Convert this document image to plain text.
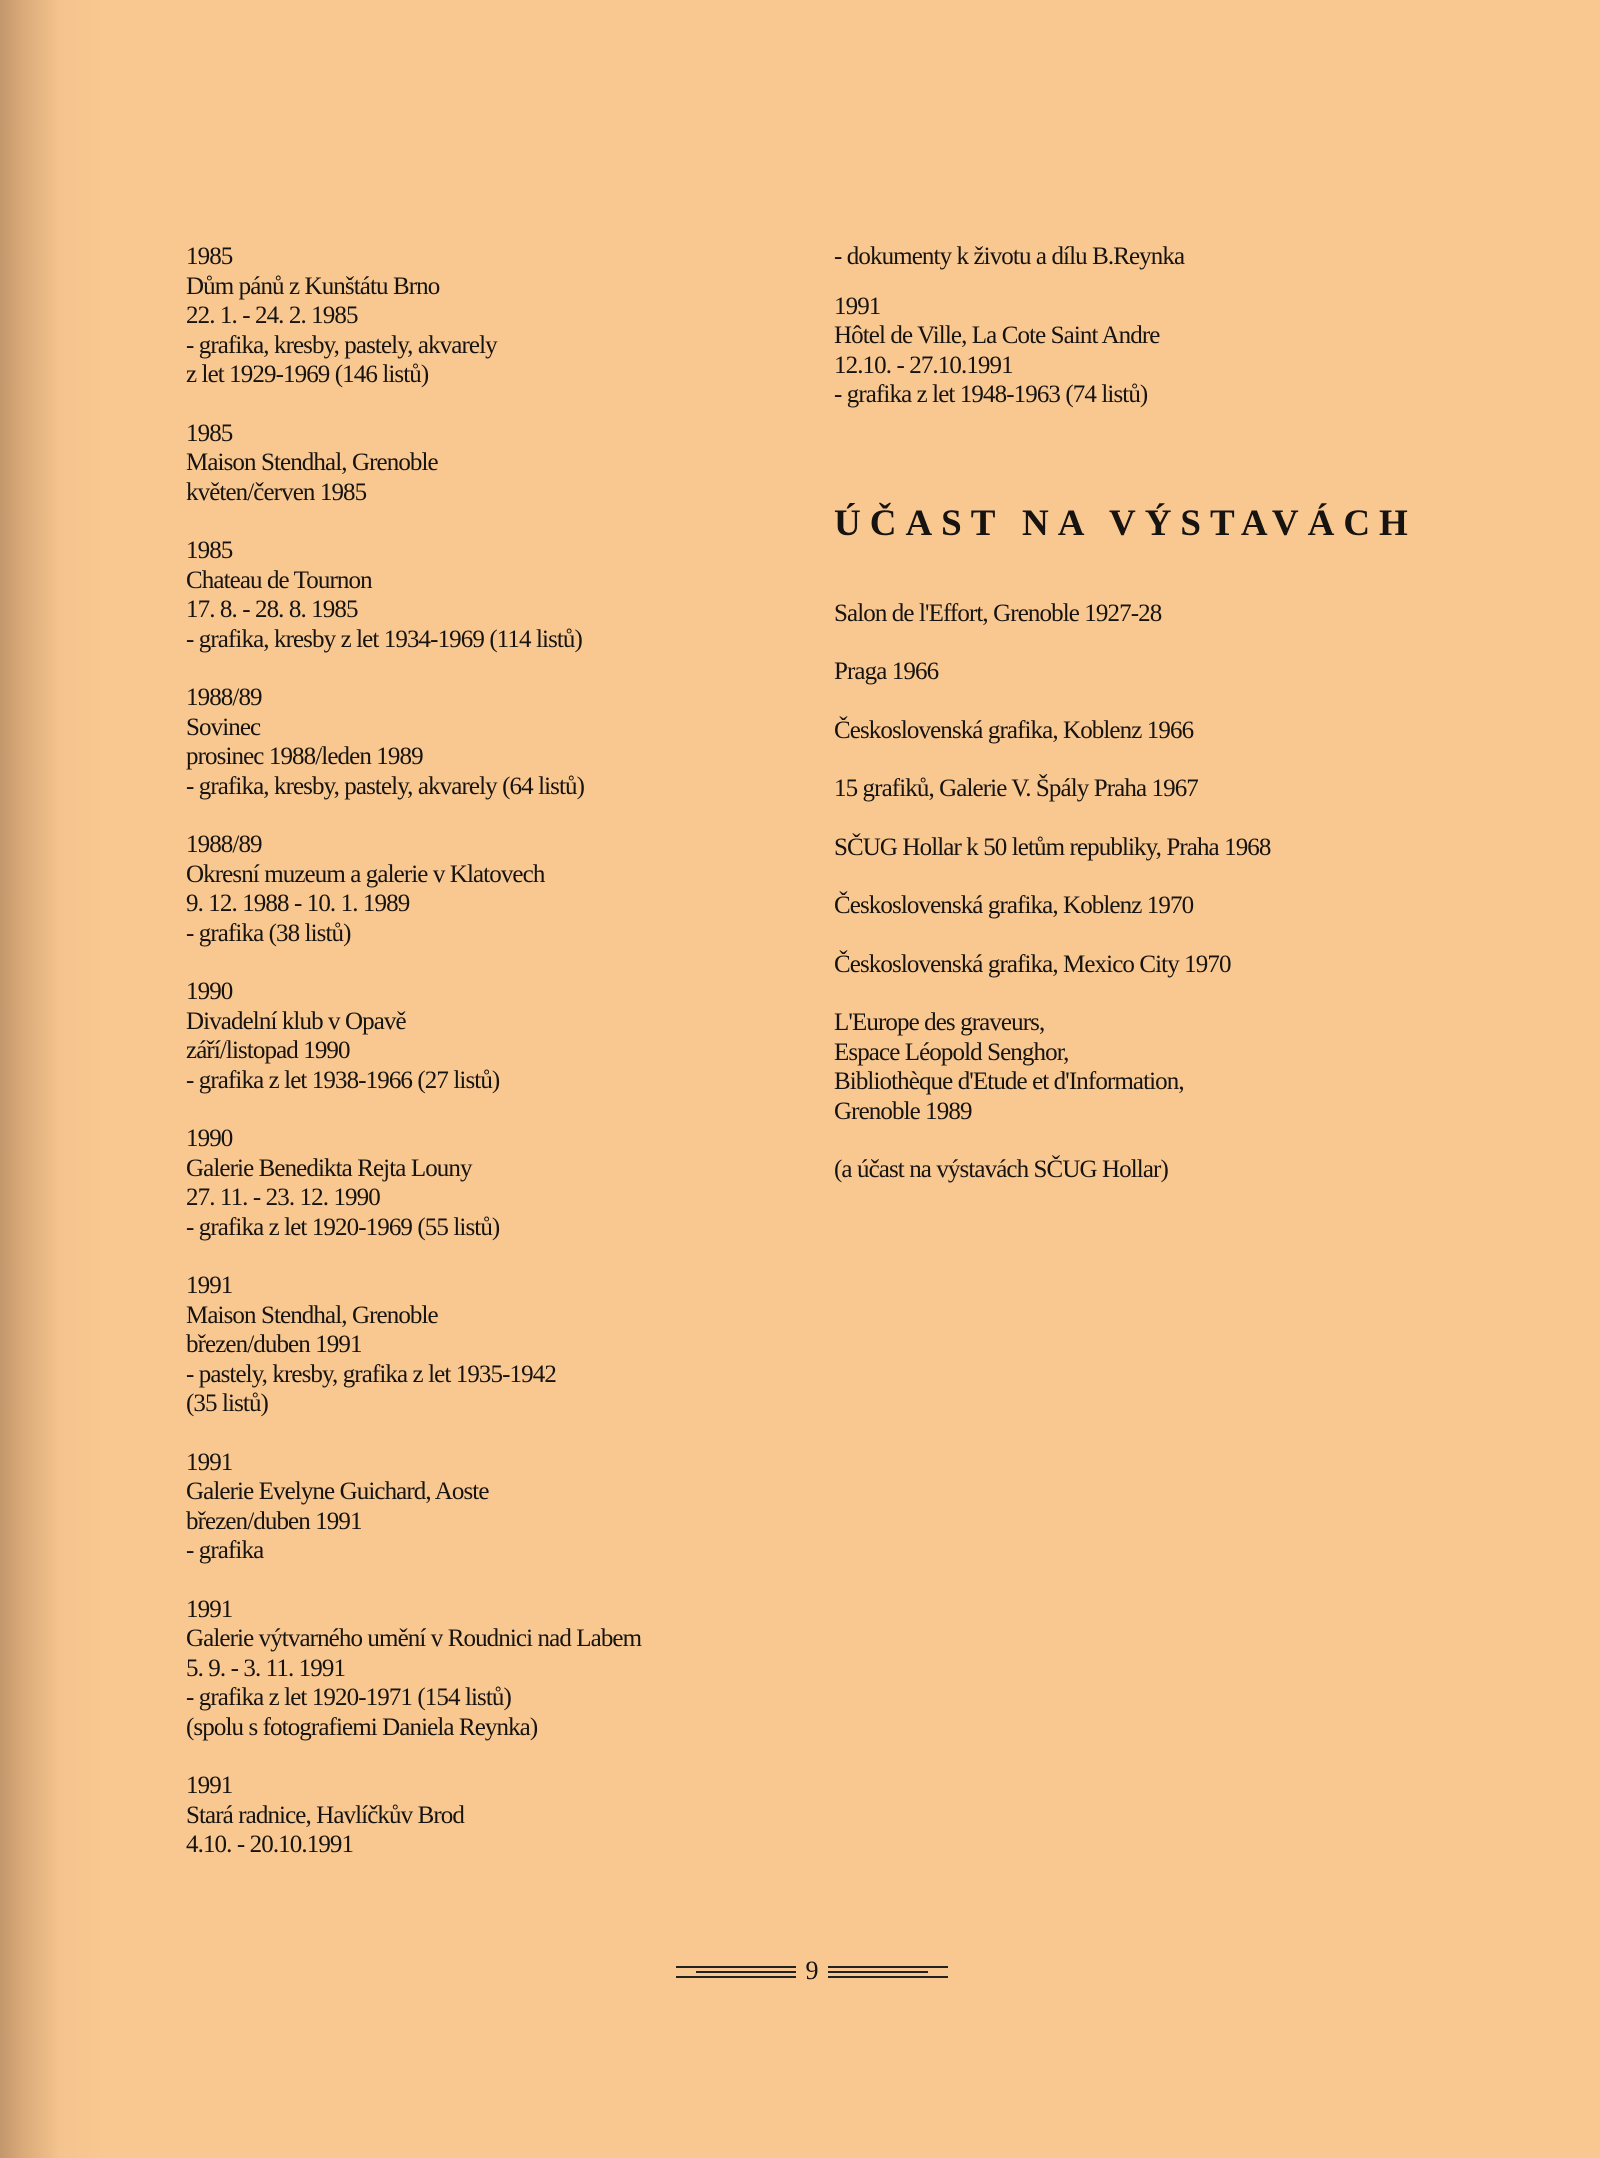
1985
Dům pánů z Kunštátu Brno
22. 1. - 24. 2. 1985
- grafika, kresby, pastely, akvarely
z let 1929-1969 (146 listů)
1985
Maison Stendhal, Grenoble
květen/červen 1985
1985
Chateau de Tournon
17. 8. - 28. 8. 1985
- grafika, kresby z let 1934-1969 (114 listů)
1988/89
Sovinec
prosinec 1988/leden 1989
- grafika, kresby, pastely, akvarely (64 listů)
1988/89
Okresní muzeum a galerie v Klatovech
9. 12. 1988 - 10. 1. 1989
- grafika (38 listů)
1990
Divadelní klub v Opavě
září/listopad 1990
- grafika z let 1938-1966 (27 listů)
1990
Galerie Benedikta Rejta Louny
27. 11. - 23. 12. 1990
- grafika z let 1920-1969 (55 listů)
1991
Maison Stendhal, Grenoble
březen/duben 1991
- pastely, kresby, grafika z let 1935-1942
(35 listů)
1991
Galerie Evelyne Guichard, Aoste
březen/duben 1991
- grafika
1991
Galerie výtvarného umění v Roudnici nad Labem
5. 9. - 3. 11. 1991
- grafika z let 1920-1971 (154 listů)
(spolu s fotografiemi Daniela Reynka)
1991
Stará radnice, Havlíčkův Brod
4.10. - 20.10.1991
- dokumenty k životu a dílu B.Reynka
1991
Hôtel de Ville, La Cote Saint Andre
12.10. - 27.10.1991
- grafika z let 1948-1963 (74 listů)
ÚČAST NA VÝSTAVÁCH
Salon de l'Effort, Grenoble 1927-28
Praga 1966
Československá grafika, Koblenz 1966
15 grafiků, Galerie V. Špály Praha 1967
SČUG Hollar k 50 letům republiky, Praha 1968
Československá grafika, Koblenz 1970
Československá grafika, Mexico City 1970
L'Europe des graveurs,
Espace Léopold Senghor,
Bibliothèque d'Etude et d'Information,
Grenoble 1989
(a účast na výstavách SČUG Hollar)
9
